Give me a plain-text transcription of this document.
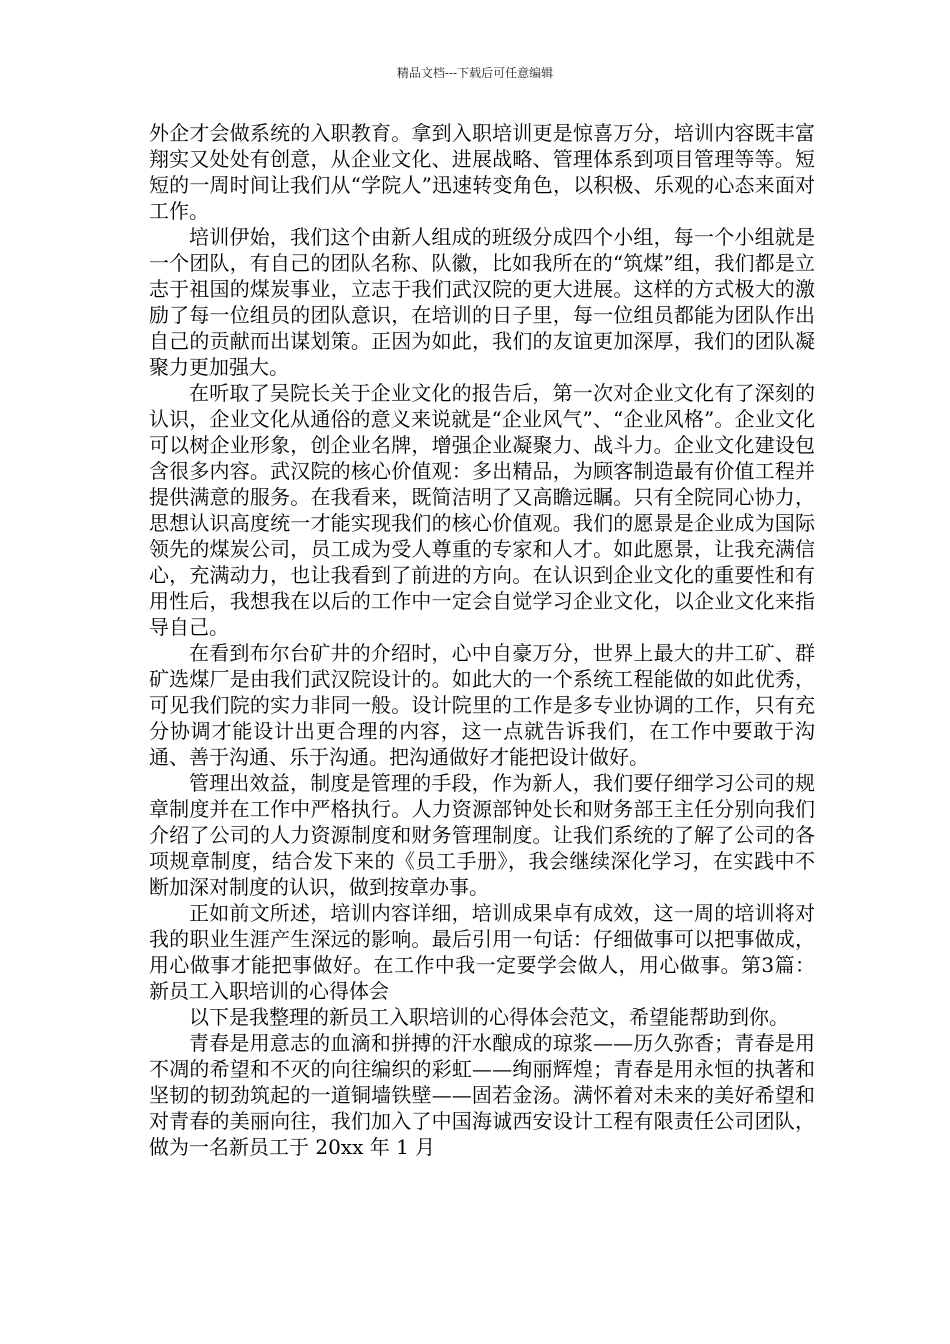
精品文档---下载后可任意编辑

外企才会做系统的入职教育。拿到入职培训更是惊喜万分，培训内容既丰富翔实又处处有创意，从企业文化、进展战略、管理体系到项目管理等等。短短的一周时间让我们从“学院人”迅速转变角色，以积极、乐观的心态来面对工作。

培训伊始，我们这个由新人组成的班级分成四个小组，每一个小组就是一个团队，有自己的团队名称、队徽，比如我所在的“筑煤”组，我们都是立志于祖国的煤炭事业，立志于我们武汉院的更大进展。这样的方式极大的激励了每一位组员的团队意识，在培训的日子里，每一位组员都能为团队作出自己的贡献而出谋划策。正因为如此，我们的友谊更加深厚，我们的团队凝聚力更加强大。

在听取了吴院长关于企业文化的报告后，第一次对企业文化有了深刻的认识，企业文化从通俗的意义来说就是“企业风气”、“企业风格”。企业文化可以树企业形象，创企业名牌，增强企业凝聚力、战斗力。企业文化建设包含很多内容。武汉院的核心价值观：多出精品，为顾客制造最有价值工程并提供满意的服务。在我看来，既简洁明了又高瞻远瞩。只有全院同心协力，思想认识高度统一才能实现我们的核心价值观。我们的愿景是企业成为国际领先的煤炭公司，员工成为受人尊重的专家和人才。如此愿景，让我充满信心，充满动力，也让我看到了前进的方向。在认识到企业文化的重要性和有用性后，我想我在以后的工作中一定会自觉学习企业文化，以企业文化来指导自己。

在看到布尔台矿井的介绍时，心中自豪万分，世界上最大的井工矿、群矿选煤厂是由我们武汉院设计的。如此大的一个系统工程能做的如此优秀，可见我们院的实力非同一般。设计院里的工作是多专业协调的工作，只有充分协调才能设计出更合理的内容，这一点就告诉我们，在工作中要敢于沟通、善于沟通、乐于沟通。把沟通做好才能把设计做好。

管理出效益，制度是管理的手段，作为新人，我们要仔细学习公司的规章制度并在工作中严格执行。人力资源部钟处长和财务部王主任分别向我们介绍了公司的人力资源制度和财务管理制度。让我们系统的了解了公司的各项规章制度，结合发下来的《员工手册》，我会继续深化学习，在实践中不断加深对制度的认识，做到按章办事。

正如前文所述，培训内容详细，培训成果卓有成效，这一周的培训将对我的职业生涯产生深远的影响。最后引用一句话：仔细做事可以把事做成，用心做事才能把事做好。在工作中我一定要学会做人，用心做事。第3篇：新员工入职培训的心得体会

以下是我整理的新员工入职培训的心得体会范文，希望能帮助到你。

青春是用意志的血滴和拼搏的汗水酿成的琼浆——历久弥香；青春是用不凋的希望和不灭的向往编织的彩虹——绚丽辉煌；青春是用永恒的执著和坚韧的韧劲筑起的一道铜墙铁壁——固若金汤。满怀着对未来的美好希望和对青春的美丽向往，我们加入了中国海诚西安设计工程有限责任公司团队，做为一名新员工于 20xx 年 1 月
